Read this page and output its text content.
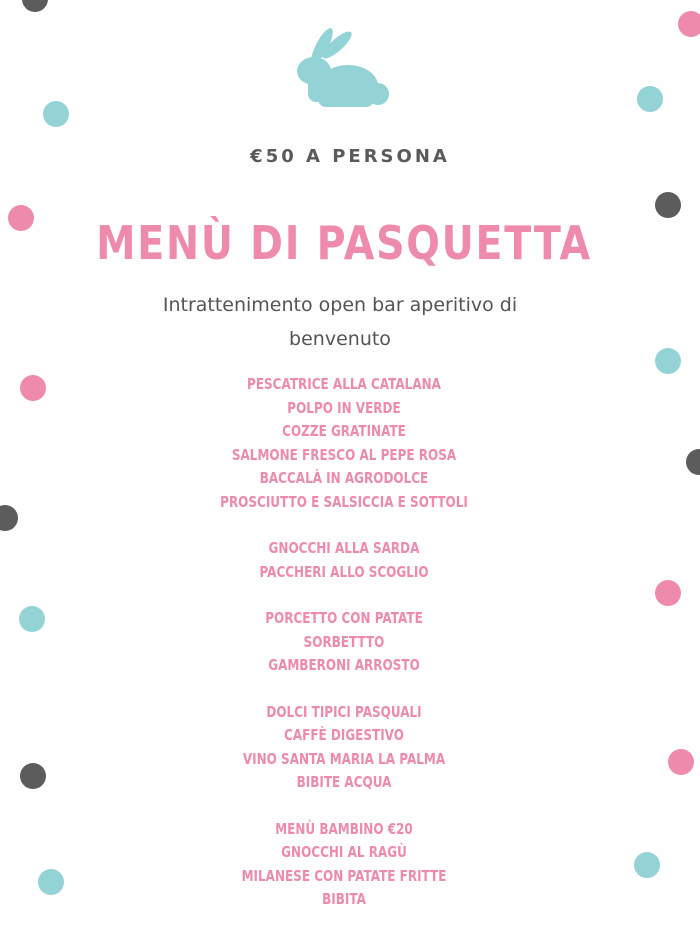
€50 A PERSONA
MENÙ DI PASQUETTA
Intrattenimento open bar aperitivo di benvenuto
PESCATRICE ALLA CATALANA
POLPO IN VERDE
COZZE GRATINATE
SALMONE FRESCO AL PEPE ROSA
BACCALÀ IN AGRODOLCE
PROSCIUTTO E SALSICCIA E SOTTOLI
GNOCCHI ALLA SARDA
PACCHERI ALLO SCOGLIO
PORCETTO CON PATATE
SORBETTTO
GAMBERONI ARROSTO
DOLCI TIPICI PASQUALI
CAFFÈ DIGESTIVO
VINO SANTA MARIA LA PALMA
BIBITE ACQUA
MENÙ BAMBINO €20
GNOCCHI AL RAGÙ
MILANESE CON PATATE FRITTE
BIBITA
